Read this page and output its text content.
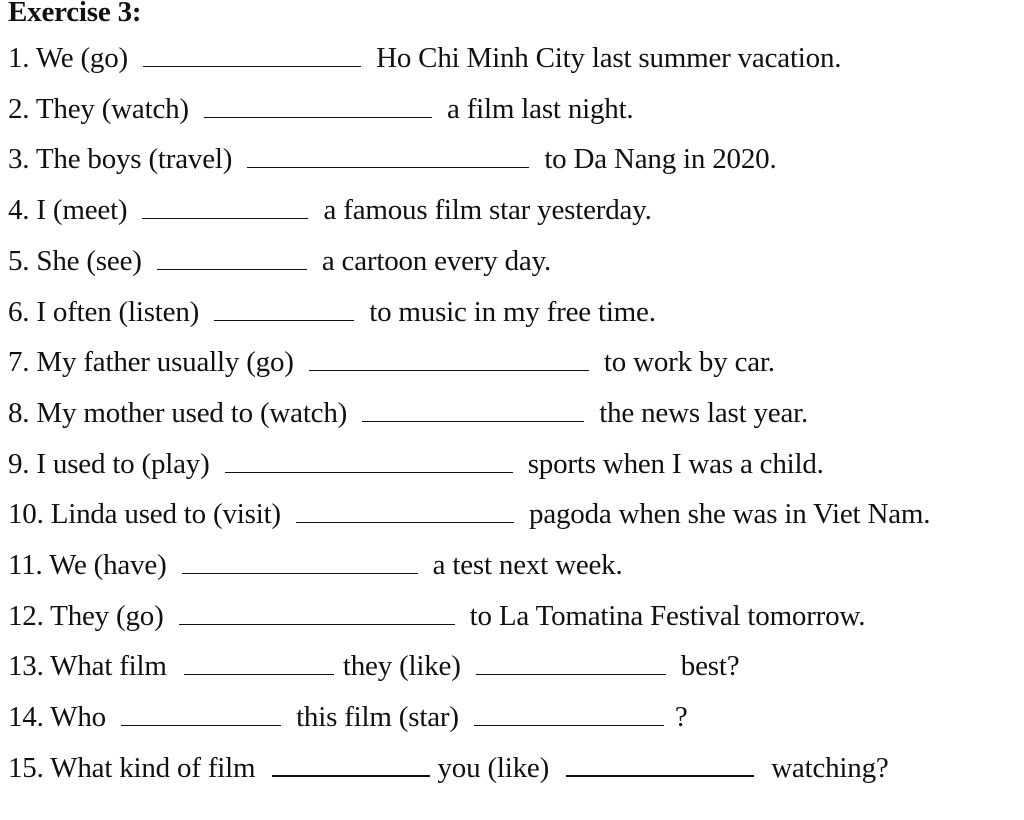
Exercise 3:
1. We (go)	Ho Chi Minh City last summer vacation.
2. They (watch)	a film last night.
3. The boys (travel)	to Da Nang in 2020.
4. I (meet)	a famous film star yesterday.
5. She (see)	a cartoon every day.
6. I often (listen)	to music in my free time.
7. My father usually (go)	to work by car.
8. My mother used to (watch)	the news last year.
9. I used to (play)	sports when I was a child.
10. Linda used to (visit)	pagoda when she was in Viet Nam.
11. We (have)	a test next week.
12. They (go)	to La Tomatina Festival tomorrow.
13. What film	they (like)	best?
14. Who	this film (star)	?
15. What kind of film	you (like)	watching?
